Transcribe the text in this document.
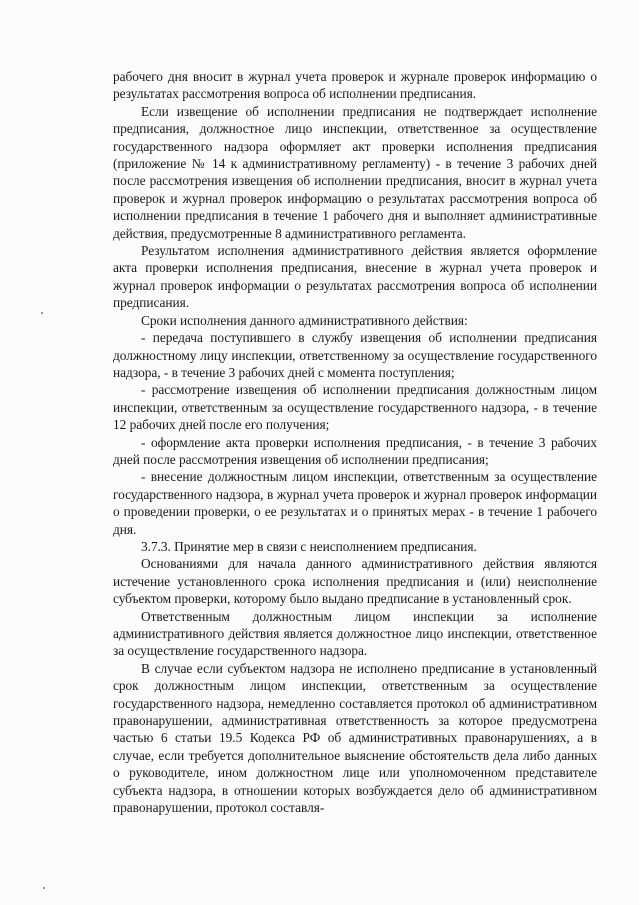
рабочего дня вносит в журнал учета проверок и журнале проверок информацию о результатах рассмотрения вопроса об исполнении предписания.

Если извещение об исполнении предписания не подтверждает исполнение предписания, должностное лицо инспекции, ответственное за осуществление государственного надзора оформляет акт проверки исполнения предписания (приложение № 14 к административному регламенту) - в течение 3 рабочих дней после рассмотрения извещения об исполнении предписания, вносит в журнал учета проверок и журнал проверок информацию о результатах рассмотрения вопроса об исполнении предписания в течение 1 рабочего дня и выполняет административные действия, предусмотренные 8 административного регламента.

Результатом исполнения административного действия является оформление акта проверки исполнения предписания, внесение в журнал учета проверок и журнал проверок информации о результатах рассмотрения вопроса об исполнении предписания.

Сроки исполнения данного административного действия:

- передача поступившего в службу извещения об исполнении предписания должностному лицу инспекции, ответственному за осуществление государственного надзора, - в течение 3 рабочих дней с момента поступления;

- рассмотрение извещения об исполнении предписания должностным лицом инспекции, ответственным за осуществление государственного надзора, - в течение 12 рабочих дней после его получения;

- оформление акта проверки исполнения предписания, - в течение 3 рабочих дней после рассмотрения извещения об исполнении предписания;

- внесение должностным лицом инспекции, ответственным за осуществление государственного надзора, в журнал учета проверок и журнал проверок информации о проведении проверки, о ее результатах и о принятых мерах - в течение 1 рабочего дня.

3.7.3. Принятие мер в связи с неисполнением предписания.

Основаниями для начала данного административного действия являются истечение установленного срока исполнения предписания и (или) неисполнение субъектом проверки, которому было выдано предписание в установленный срок.

Ответственным должностным лицом инспекции за исполнение административного действия является должностное лицо инспекции, ответственное за осуществление государственного надзора.

В случае если субъектом надзора не исполнено предписание в установленный срок должностным лицом инспекции, ответственным за осуществление государственного надзора, немедленно составляется протокол об административном правонарушении, административная ответственность за которое предусмотрена частью 6 статьи 19.5 Кодекса РФ об административных правонарушениях, а в случае, если требуется дополнительное выяснение обстоятельств дела либо данных о руководителе, ином должностном лице или уполномоченном представителе субъекта надзора, в отношении которых возбуждается дело об административном правонарушении, протокол составля-
